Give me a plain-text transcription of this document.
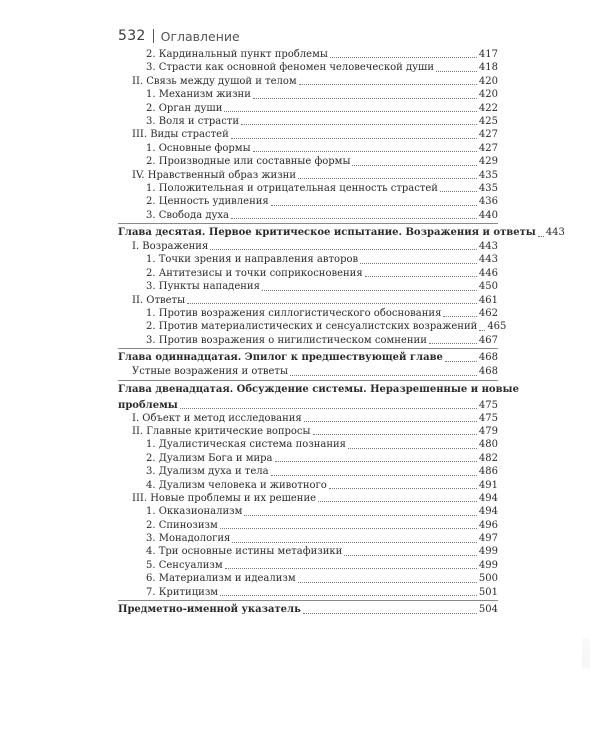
532 Оглавление
2. Кардинальный пункт проблемы	417
3. Страсти как основной феномен человеческой души	418
II. Связь между душой и телом	420
1. Механизм жизни	420
2. Орган души	422
3. Воля и страсти	425
III. Виды страстей	427
1. Основные формы	427
2. Производные или составные формы	429
IV. Нравственный образ жизни	435
1. Положительная и отрицательная ценность страстей	435
2. Ценность удивления	436
3. Свобода духа	440
Глава десятая. Первое критическое испытание. Возражения и ответы 443
I. Возражения	443
1. Точки зрения и направления авторов	443
2. Антитезисы и точки соприкосновения	446
3. Пункты нападения	450
II. Ответы	461
1. Против возражения силлогистического обоснования	462
2. Против материалистических и сенсуалистских возражений 465
3. Против возражения о нигилистическом сомнении	467
Глава одиннадцатая. Эпилог к предшествующей главе	468
Устные возражения и ответы	468
Глава двенадцатая. Обсуждение системы. Неразрешенные и новые
проблемы	475
I. Объект и метод исследования	475
II. Главные критические вопросы	479
1. Дуалистическая система познания	480
2. Дуализм Бога и мира	482
3. Дуализм духа и тела	486
4. Дуализм человека и животного	491
III. Новые проблемы и их решение	494
1. Окказионализм	494
2. Спинозизм	496
3. Монадология	497
4. Три основные истины метафизики	499
5. Сенсуализм	499
6. Материализм и идеализм	500
7. Критицизм	501
Предметно-именной указатель	504
